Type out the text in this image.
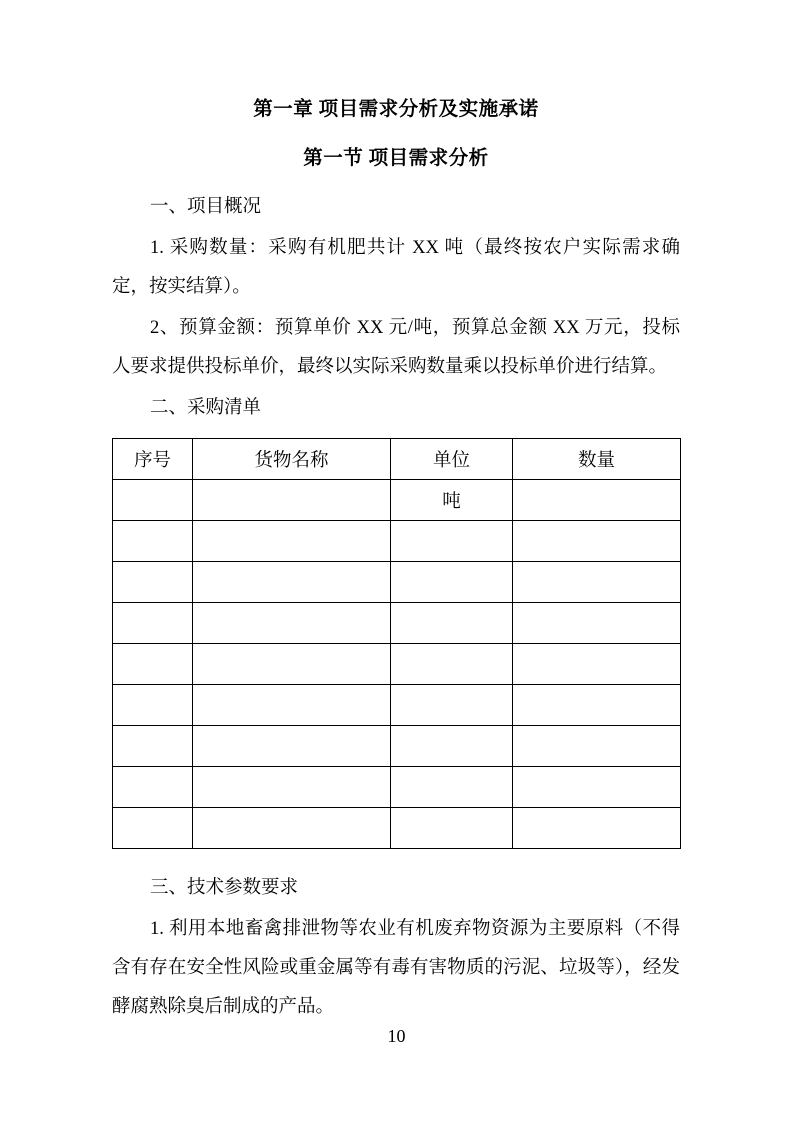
第一章 项目需求分析及实施承诺
第一节 项目需求分析

一、项目概况

1. 采购数量：采购有机肥共计 XX 吨（最终按农户实际需求确定，按实结算）。

2、预算金额：预算单价 XX 元/吨，预算总金额 XX 万元，投标人要求提供投标单价，最终以实际采购数量乘以投标单价进行结算。

二、采购清单

序号	货物名称	单位	数量
		吨	

三、技术参数要求

1. 利用本地畜禽排泄物等农业有机废弃物资源为主要原料（不得含有存在安全性风险或重金属等有毒有害物质的污泥、垃圾等），经发酵腐熟除臭后制成的产品。

10
